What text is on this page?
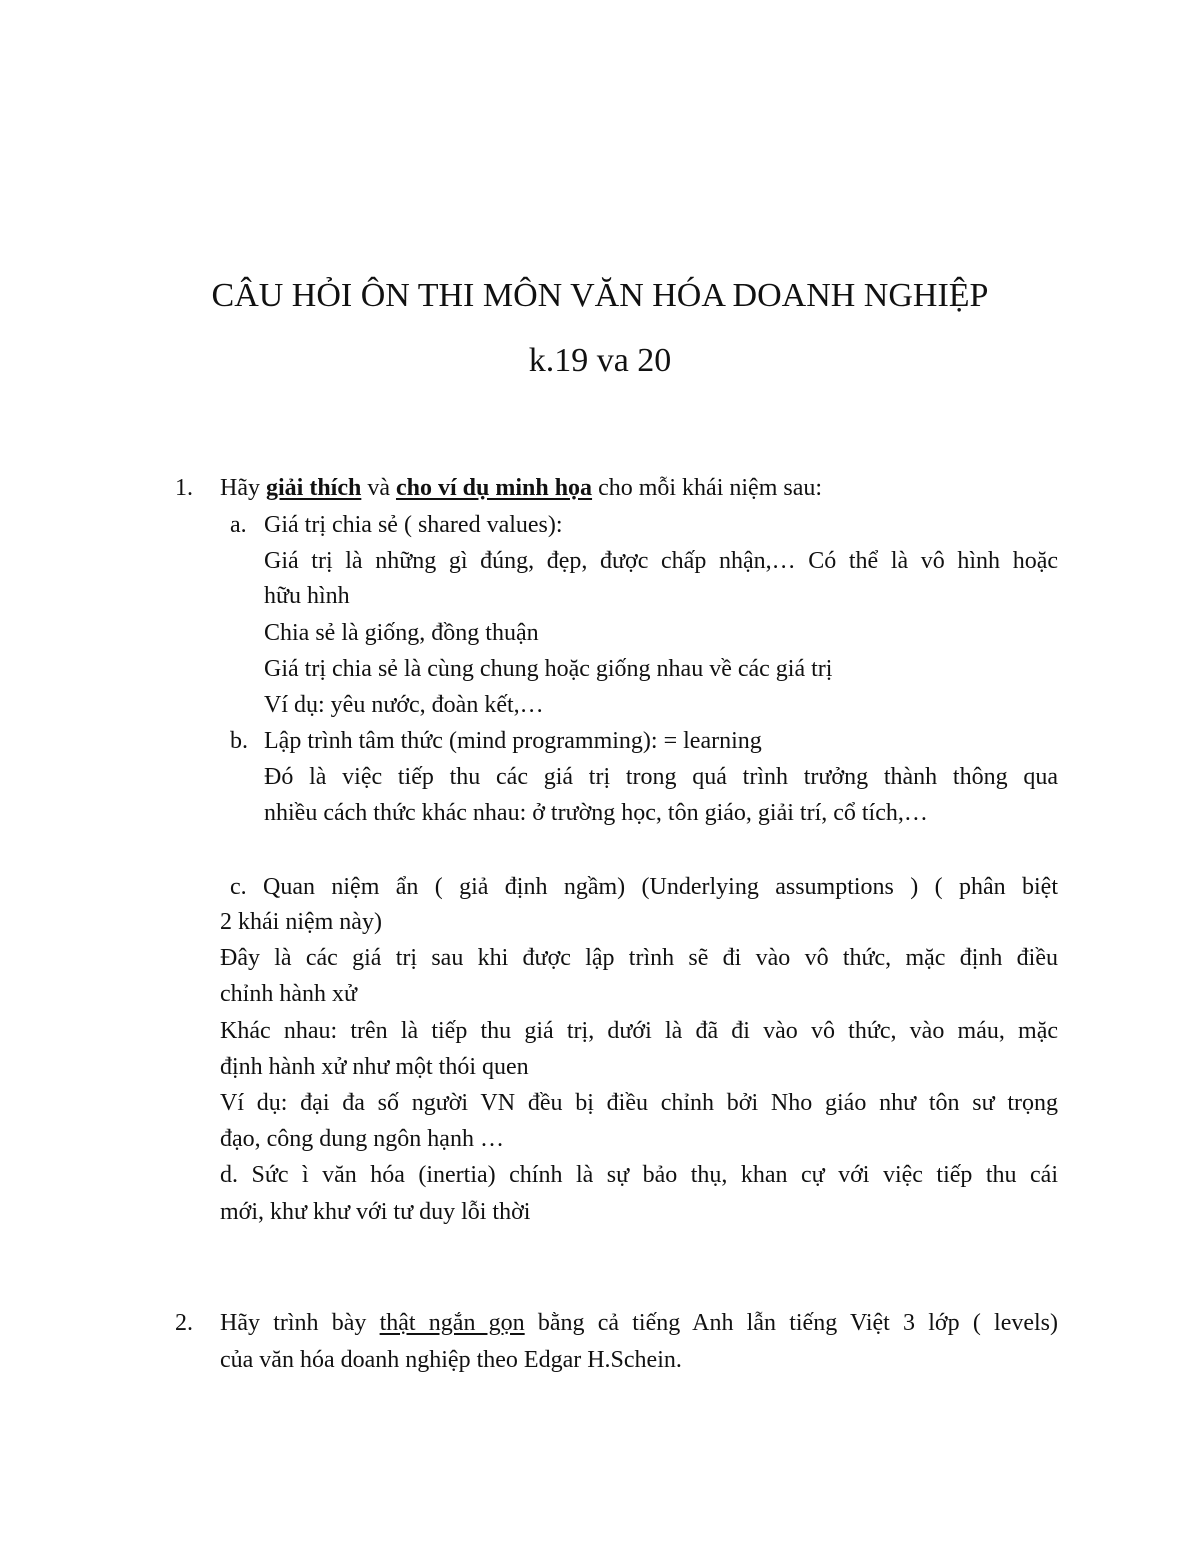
CÂU HỎI ÔN THI MÔN VĂN HÓA DOANH NGHIỆP
k.19 va 20
1. Hãy giải thích và cho ví dụ minh họa cho mỗi khái niệm sau:
a. Giá trị chia sẻ ( shared values):
Giá trị là những gì đúng, đẹp, được chấp nhận,… Có thể là vô hình hoặc
hữu hình
Chia sẻ là giống, đồng thuận
Giá trị chia sẻ là cùng chung hoặc giống nhau về các giá trị
Ví dụ: yêu nước, đoàn kết,…
b. Lập trình tâm thức (mind programming): = learning
Đó là việc tiếp thu các giá trị trong quá trình trưởng thành thông qua
nhiều cách thức khác nhau: ở trường học, tôn giáo, giải trí, cổ tích,…
c. Quan niệm ẩn ( giả định ngầm) (Underlying assumptions ) ( phân biệt
2 khái niệm này)
Đây là các giá trị sau khi được lập trình sẽ đi vào vô thức, mặc định điều
chỉnh hành xử
Khác nhau: trên là tiếp thu giá trị, dưới là đã đi vào vô thức, vào máu, mặc
định hành xử như một thói quen
Ví dụ: đại đa số người VN đều bị điều chỉnh bởi Nho giáo như tôn sư trọng
đạo, công dung ngôn hạnh …
d. Sức ì văn hóa (inertia) chính là sự bảo thụ, khan cự với việc tiếp thu cái
mới, khư khư với tư duy lỗi thời
2. Hãy trình bày thật ngắn gọn bằng cả tiếng Anh lẫn tiếng Việt 3 lớp ( levels)
của văn hóa doanh nghiệp theo Edgar H.Schein.
